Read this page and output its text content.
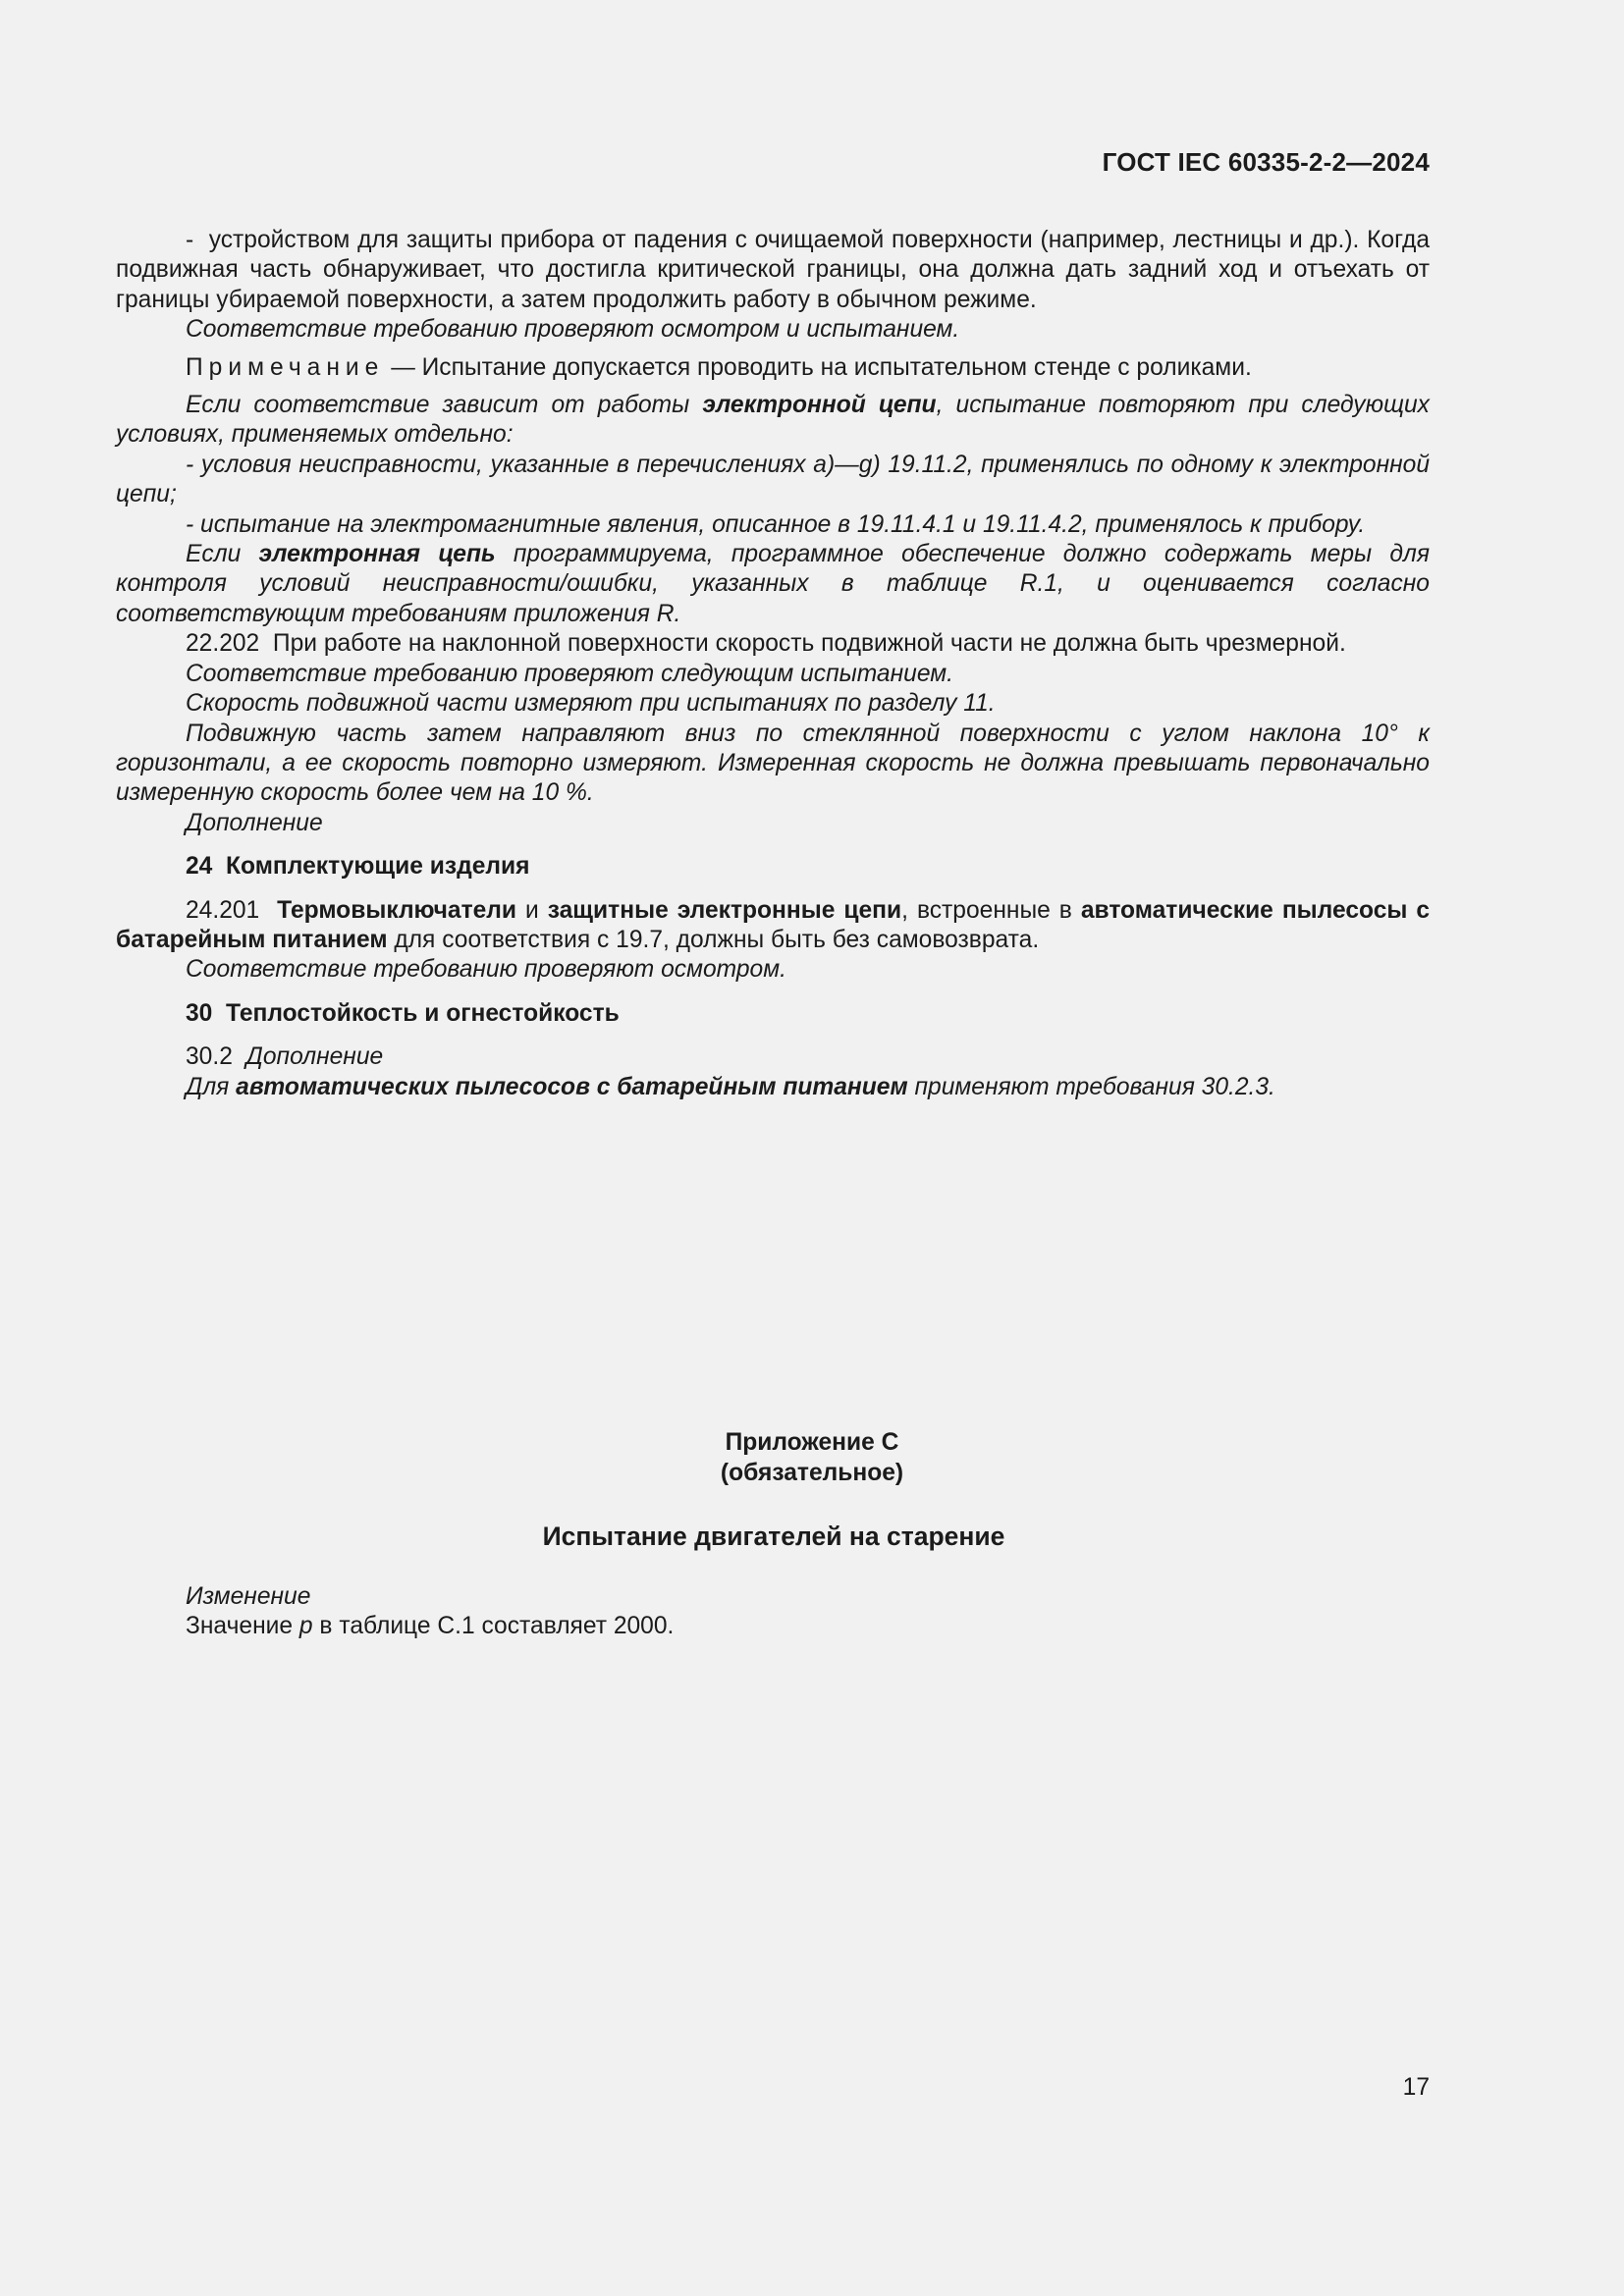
ГОСТ IEC 60335-2-2—2024

- устройством для защиты прибора от падения с очищаемой поверхности (например, лестницы и др.). Когда подвижная часть обнаруживает, что достигла критической границы, она должна дать задний ход и отъехать от границы убираемой поверхности, а затем продолжить работу в обычном режиме.

Соответствие требованию проверяют осмотром и испытанием.

Примечание — Испытание допускается проводить на испытательном стенде с роликами.

Если соответствие зависит от работы электронной цепи, испытание повторяют при следующих условиях, применяемых отдельно:

- условия неисправности, указанные в перечислениях а)—g) 19.11.2, применялись по одному к электронной цепи;

- испытание на электромагнитные явления, описанное в 19.11.4.1 и 19.11.4.2, применялось к прибору.

Если электронная цепь программируема, программное обеспечение должно содержать меры для контроля условий неисправности/ошибки, указанных в таблице R.1, и оценивается согласно соответствующим требованиям приложения R.

22.202 При работе на наклонной поверхности скорость подвижной части не должна быть чрезмерной.

Соответствие требованию проверяют следующим испытанием.

Скорость подвижной части измеряют при испытаниях по разделу 11.

Подвижную часть затем направляют вниз по стеклянной поверхности с углом наклона 10° к горизонтали, а ее скорость повторно измеряют. Измеренная скорость не должна превышать первоначально измеренную скорость более чем на 10 %.

Дополнение

24 Комплектующие изделия

24.201 Термовыключатели и защитные электронные цепи, встроенные в автоматические пылесосы с батарейным питанием для соответствия с 19.7, должны быть без самовозврата.

Соответствие требованию проверяют осмотром.

30 Теплостойкость и огнестойкость

30.2 Дополнение

Для автоматических пылесосов с батарейным питанием применяют требования 30.2.3.

Приложение С
(обязательное)
Испытание двигателей на старение

Изменение

Значение p в таблице С.1 составляет 2000.

17
